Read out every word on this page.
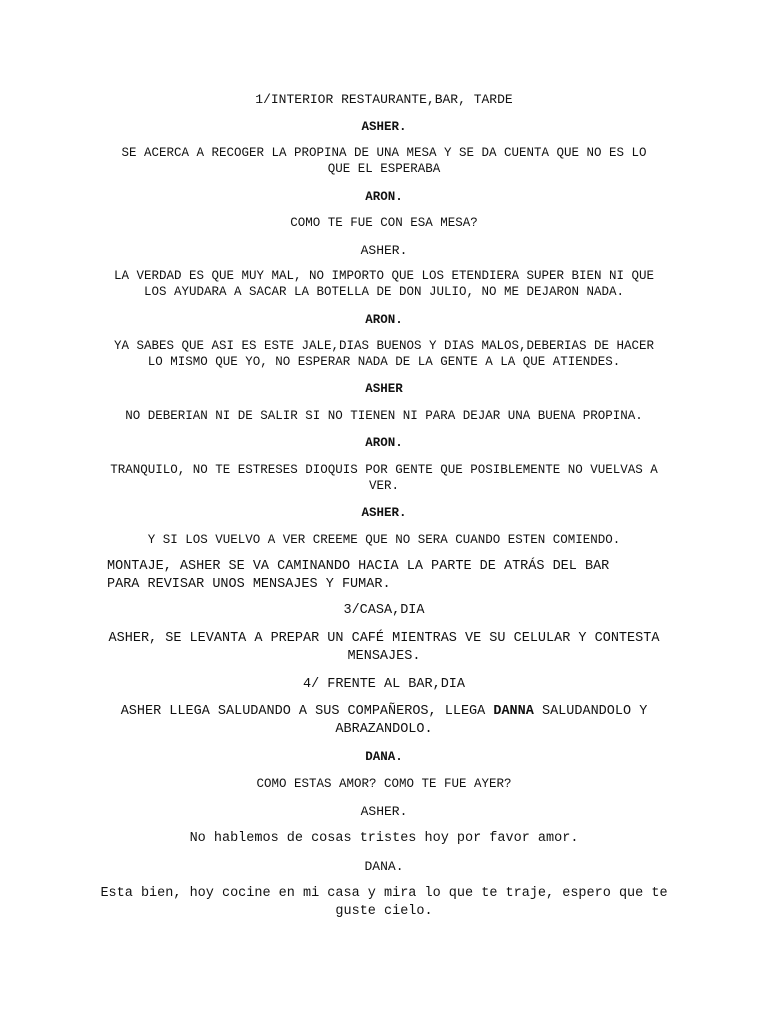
1/INTERIOR RESTAURANTE,BAR, TARDE
ASHER.
SE ACERCA A RECOGER LA PROPINA DE UNA MESA Y SE DA CUENTA QUE NO ES LO QUE EL ESPERABA
ARON.
COMO TE FUE CON ESA MESA?
ASHER.
LA VERDAD ES QUE MUY MAL, NO IMPORTO QUE LOS ETENDIERA SUPER BIEN NI QUE LOS AYUDARA A SACAR LA BOTELLA DE DON JULIO, NO ME DEJARON NADA.
ARON.
YA SABES QUE ASI ES ESTE JALE,DIAS BUENOS Y DIAS MALOS,DEBERIAS DE HACER LO MISMO QUE YO, NO ESPERAR NADA DE LA GENTE A LA QUE ATIENDES.
ASHER
NO DEBERIAN NI DE SALIR SI NO TIENEN NI PARA DEJAR UNA BUENA PROPINA.
ARON.
TRANQUILO, NO TE ESTRESES DIOQUIS POR GENTE QUE POSIBLEMENTE NO VUELVAS A VER.
ASHER.
Y SI LOS VUELVO A VER CREEME QUE NO SERA CUANDO ESTEN COMIENDO.
MONTAJE, ASHER SE VA CAMINANDO HACIA LA PARTE DE ATRÁS DEL BAR PARA REVISAR UNOS MENSAJES Y FUMAR.
3/CASA,DIA
ASHER, SE LEVANTA A PREPAR UN CAFÉ MIENTRAS VE SU CELULAR Y CONTESTA MENSAJES.
4/ FRENTE AL BAR,DIA
ASHER LLEGA SALUDANDO A SUS COMPAÑEROS, LLEGA DANNA SALUDANDOLO Y ABRAZANDOLO.
DANA.
COMO ESTAS AMOR? COMO TE FUE AYER?
ASHER.
No hablemos de cosas tristes hoy por favor amor.
DANA.
Esta bien, hoy cocine en mi casa y mira lo que te traje, espero que te guste cielo.
